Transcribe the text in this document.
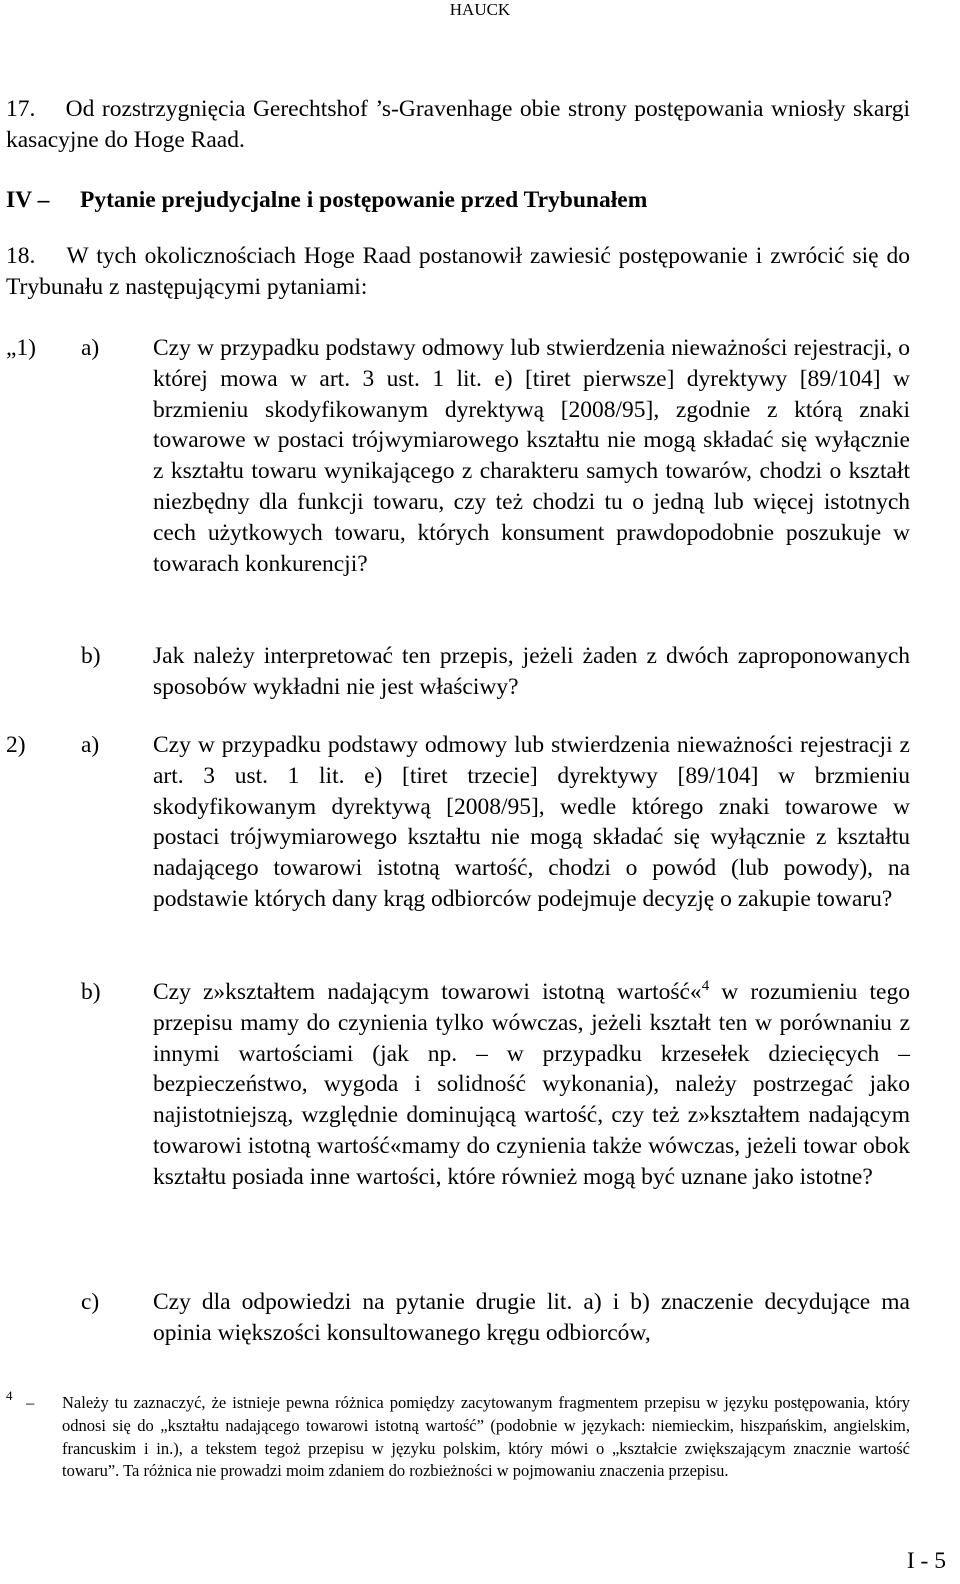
HAUCK
17.    Od rozstrzygnięcia Gerechtshof ’s-Gravenhage obie strony postępowania wniosły skargi kasacyjne do Hoge Raad.
IV – Pytanie prejudycjalne i postępowanie przed Trybunałem
18.    W tych okolicznościach Hoge Raad postanowił zawiesić postępowanie i zwrócić się do Trybunału z następującymi pytaniami:
„1) a) Czy w przypadku podstawy odmowy lub stwierdzenia nieważności rejestracji, o której mowa w art. 3 ust. 1 lit. e) [tiret pierwsze] dyrektywy [89/104] w brzmieniu skodyfikowanym dyrektywą [2008/95], zgodnie z którą znaki towarowe w postaci trójwymiarowego kształtu nie mogą składać się wyłącznie z kształtu towaru wynikającego z charakteru samych towarów, chodzi o kształt niezbędny dla funkcji towaru, czy też chodzi tu o jedną lub więcej istotnych cech użytkowych towaru, których konsument prawdopodobnie poszukuje w towarach konkurencji?
b) Jak należy interpretować ten przepis, jeżeli żaden z dwóch zaproponowanych sposobów wykładni nie jest właściwy?
2) a) Czy w przypadku podstawy odmowy lub stwierdzenia nieważności rejestracji z art. 3 ust. 1 lit. e) [tiret trzecie] dyrektywy [89/104] w brzmieniu skodyfikowanym dyrektywą [2008/95], wedle którego znaki towarowe w postaci trójwymiarowego kształtu nie mogą składać się wyłącznie z kształtu nadającego towarowi istotną wartość, chodzi o powód (lub powody), na podstawie których dany krąg odbiorców podejmuje decyzję o zakupie towaru?
b) Czy z»kształtem nadającym towarowi istotną wartość«$^4$ w rozumieniu tego przepisu mamy do czynienia tylko wówczas, jeżeli kształt ten w porównaniu z innymi wartościami (jak np. – w przypadku krzesełek dziecięcych – bezpieczeństwo, wygoda i solidność wykonania), należy postrzegać jako najistotniejszą, względnie dominującą wartość, czy też z»kształtem nadającym towarowi istotną wartość«mamy do czynienia także wówczas, jeżeli towar obok kształtu posiada inne wartości, które również mogą być uznane jako istotne?
c) Czy dla odpowiedzi na pytanie drugie lit. a) i b) znaczenie decydujące ma opinia większości konsultowanego kręgu odbiorców,
4 – Należy tu zaznaczyć, że istnieje pewna różnica pomiędzy zacytowanym fragmentem przepisu w języku postępowania, który odnosi się do „kształtu nadającego towarowi istotną wartość” (podobnie w językach: niemieckim, hiszpańskim, angielskim, francuskim i in.), a tekstem tegoż przepisu w języku polskim, który mówi o „kształcie zwiększającym znacznie wartość towaru”. Ta różnica nie prowadzi moim zdaniem do rozbieżności w pojmowaniu znaczenia przepisu.
I - 5
